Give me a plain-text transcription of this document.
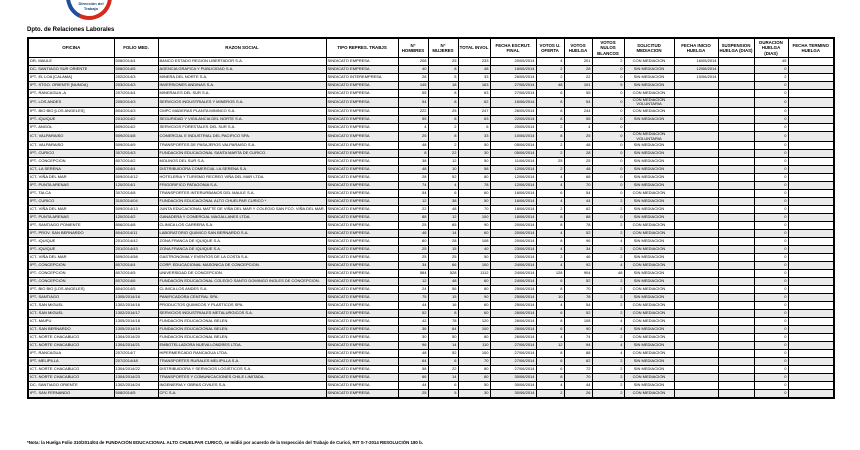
Dirección del
Trabajo
Dpto. de Relaciones Laborales
OFICINA	FOLIO MED.	RAZON SOCIAL	TIPO REPRES. TRABJS	N° HOMBRES	N° MUJERES	TOTAL INVOL	FECHA ESCRUT. FINAL	VOTOS U. OFERTA	VOTOS HUELGA	VOTOS NULOS BLANCOS	SOLICITUD MEDIACION	FECHA INICIO HUELGA	SUSPENSION HUELGA (DIAS)	DURACION HUELGA (DIAS)	FECHA TERMINO HUELGA
DR- MAULE	508/2014/4	BANCO ESTADO REGION LIBERTADOR S.A.	SINDICATO EMPRESA	208	25	233	20/05/2014	4	201	2	CON MEDIACION	16/05/2014		45	
DC- SANTIAGO SUR ORIENTE	508/2014/5	AGENCIA GRAFICA Y PUBLICIDAD S.A.	SINDICATO EMPRESA	40	8	48	18/06/2014	2	28	0	SIN MEDIACION	12/06/2014		0	
IPT- EL LOA [CALAMA]	202/2014/3	MINERA DEL NORTE S.A.	SINDICATO INTEREMPRESA	28	5	33	26/05/2014	2	22	0	SIN MEDIACION	10/06/2014		2	
IPT- STGO. ORIENTE [NUNOA]	203/2014/3	INVERSIONES ANDINAS S.A.	SINDICATO EMPRESA	145	18	163	27/06/2014	48	101	5	SIN MEDIACION			0	
IPT- RANCAGUA -A	207/2014/4	MINERALES DEL SUR S.A.	SINDICATO EMPRESA	55	8	63	27/06/2014	6	55	0	CON MEDIACION			0	
IPT- LOS ANDES	205/2014/3	SERVICIOS INDUSTRIALES Y MINEROS S.A.	SINDICATO EMPRESA	54	8	62	16/06/2014	8	54	0	CON MEDIACION VOLUNTARIA			0	
IPT- BIO BIO [LOS ANGELES]	804/2014/3	CMPC MADERAS PLANTA MININCO S.A.	SINDICATO EMPRESA	222	25	247	26/05/2014	8	244	0	CON MEDIACION			0	
IPT- IQUIQUE	201/2014/2	SEGURIDAD Y VIGILANCIA DEL NORTE S.A.	SINDICATO EMPRESA	55	8	63	22/05/2014	8	55	0	SIN MEDIACION			0	
IPT- ANGOL	809/2014/2	SERVICIOS FORESTALES DEL SUR S.A.	SINDICATO EMPRESA	4	2	6	20/05/2014	2	4	0				0	
ICT- VALPARAISO	509/2014/8	COMERCIAL E INDUSTRIAL DEL PACIFICO SPA.	SINDICATO EMPRESA	25	8	33	10/06/2014	8	25	0	CON MEDIACION VOLUNTARIA			0	
ICT- VALPARAISO	509/2014/9	TRANSPORTES DE PASAJEROS VALPARAISO S.A.	SINDICATO EMPRESA	48	2	50	05/06/2014	2	48	0	SIN MEDIACION			0	
IPT- CURICO	307/2014/3	FUNDACION EDUCACIONAL SANTA MARTA DE CURICO.	SINDICATO EMPRESA	8	22	30	05/06/2014	2	28	0	SIN MEDIACION			0	
IPT- CONCEPCION	807/2014/2	MOLINOS DEL SUR S.A.	SINDICATO EMPRESA	38	12	50	11/06/2014	25	25	0	SIN MEDIACION			0	
ICT- LA SERENA	406/2014/4	DISTRIBUIDORA COMERCIAL LA SERENA S.A.	SINDICATO EMPRESA	48	10	58	12/06/2014	2	48	0	SIN MEDIACION			0	
ICT- VIÑA DEL MAR	509/2014/12	HOTELERIA Y TURISMO RECREO VIÑA DEL MAR LTDA.	SINDICATO EMPRESA	28	52	80	12/06/2014	4	68	0	SIN MEDIACION			0	
IPT- PUNTA ARENAS	120/2014/1	FRIGORIFICO PATAGONIA S.A.	SINDICATO EMPRESA	74	4	78	12/06/2014	4	70	0	SIN MEDIACION			0	
IPT- TALCA	307/2014/8	TRANSPORTES INTERURBANOS DEL MAULE S.A.	SINDICATO EMPRESA	54	6	60	16/06/2014	6	54	0	CON MEDIACION			0	
IPT- CURICO	310/2014/04	FUNDACION EDUCACIONAL ALTO CHUELPAR CURICO *	SINDICATO EMPRESA	12	38	50	16/06/2014	4	44	2	SIN MEDIACION			0	
ICT- VIÑA DEL MAR	509/2014/13	JUNTA EDUCACIONAL MATTE DE VIÑA DEL MAR Y COLEGIO SAN FCO. VIÑA DEL MAR.	SINDICATO EMPRESA	22	48	70	18/06/2014	2	62	2	SIN MEDIACION			0	
IPT- PUNTA ARENAS	120/2014/2	GANADERA Y COMERCIAL MAGALLANES LTDA.	SINDICATO EMPRESA	88	12	100	18/06/2014	8	88	0	SIN MEDIACION			0	
IPT- SANTIAGO PONIENTE	806/2014/8	CLINICA LOS CARRERA S.A.	SINDICATO EMPRESA	25	65	90	20/06/2014	8	78	2	CON MEDIACION			0	
IPT- PROV. SAN BERNARDO	804/2014/11	LABORATORIO QUIMICO SAN BERNARDO S.A.	SINDICATO EMPRESA	46	14	60	20/06/2014	4	52	2	CON MEDIACION			0	
IPT- IQUIQUE	201/2014/42	ZONA FRANCA DE IQUIQUE S.A.	SINDICATO EMPRESA	80	28	108	20/06/2014	8	96	4	SIN MEDIACION			0	
IPT- IQUIQUE	201/2014/43	ZONA FRANCA DE IQUIQUE S.A.	SINDICATO EMPRESA	25	15	40	23/06/2014	4	34	2	CON MEDIACION			0	
ICT- VIÑA DEL MAR	509/2014/58	GASTRONOMIA Y EVENTOS DE LA COSTA S.A.	SINDICATO EMPRESA	25	25	50	23/06/2014	2	46	2	SIN MEDIACION			0	
IPT- CONCEPCION	807/2014/4	CORP. EDUCACIONAL MASONICA DE CONCEPCION.	SINDICATO EMPRESA	34	66	100	24/06/2014	4	92	4	CON MEDIACION			0	
IPT- CONCEPCION	807/2014/5	UNIVERSIDAD DE CONCEPCION.	SINDICATO EMPRESA	584	528	1112	24/06/2014	128	904	48	SIN MEDIACION			0	
IPT- CONCEPCION	807/2014/6	FUNDACION EDUCACIONAL COLEGIO SANTO DOMINGO INGLES DE CONCEPCION.	SINDICATO EMPRESA	12	48	60	24/06/2014	6	52	2	SIN MEDIACION			0	
IPT- BIO BIO [LOS ANGELES]	804/2014/5	CLINICA LOS ANDES S.A.	SINDICATO EMPRESA	24	56	80	25/06/2014	8	70	2	CON MEDIACION			0	
IPT- SANTIAGO	1305/2014/16	PANIFICADORA CENTRAL SPA.	SINDICATO EMPRESA	75	15	90	25/06/2014	10	78	2	SIN MEDIACION			0	
ICT- SAN MIGUEL	1302/2014/16	PRODUCTOS QUIMICOS Y PLASTICOS SPA.	SINDICATO EMPRESA	44	16	60	25/06/2014	4	54	2	CON MEDIACION			0	
ICT- SAN MIGUEL	1302/2014/17	SERVICIOS INDUSTRIALES METALURGICOS S.A.	SINDICATO EMPRESA	52	8	60	26/06/2014	6	52	2	CON MEDIACION			0	
ICT- MAIPU	1305/2014/18	FUNDACION EDUCACIONAL BELEN.	SINDICATO EMPRESA	42	78	120	26/06/2014	8	108	4	CON MEDIACION			0	
ICT- SAN BERNARDO	1305/2014/19	FUNDACION EDUCACIONAL BELEN.	SINDICATO EMPRESA	36	64	100	26/06/2014	6	90	4	SIN MEDIACION			0	
ICT- NORTE CHACABUCO	1304/2014/20	FUNDACION EDUCACIONAL BELEN.	SINDICATO EMPRESA	30	50	80	26/06/2014	4	74	2	CON MEDIACION			0	
ICT- NORTE CHACABUCO	1304/2014/21	EMBOTELLADORA NUEVA LONDRES LTDA.	SINDICATO EMPRESA	96	14	110	27/06/2014	12	94	4	SIN MEDIACION			0	
IPT- RANCAGUA	207/2014/7	HIPERMERCADO RANCAGUA LTDA.	SINDICATO EMPRESA	48	52	100	27/06/2014	8	88	4	CON MEDIACION			0	
IPT- MELIPILLA	207/2014/48	TRANSPORTES RURALES MELIPILLA S.A.	SINDICATO EMPRESA	64	6	70	27/06/2014	6	62	2	SIN MEDIACION			0	
ICT- NORTE CHACABUCO	1304/2014/22	DISTRIBUIDORA Y SERVICIOS LOGISTICOS S.A.	SINDICATO EMPRESA	58	22	80	27/06/2014	6	72	2	SIN MEDIACION			0	
ICT- NORTE CHACABUCO	1304/2014/23	TRANSPORTES Y COMUNICACIONES CHILE LIMITADA.	SINDICATO EMPRESA	66	14	80	30/06/2014	8	70	2	CON MEDIACION			0	
DC- SANTIAGO ORIENTE	1302/2014/24	INGENIERIA Y OBRAS CIVILES S.A.	SINDICATO EMPRESA	44	6	50	30/06/2014	4	44	2	SIN MEDIACION			0	
IPT- SAN FERNANDO	508/2014/5	CFC S.A.	SINDICATO EMPRESA	25	5	30	30/06/2014	2	26	2	CON MEDIACION			0	
*Nota: la Huelga Folio 310/2014/04 de FUNDACIÓN EDUCACIONAL ALTO CHUELPAR CURICÓ, se midió por acuerdo de la Inspección del Trabajo de Curicó, RIT S-7-2014 RESOLUCIÓN 180 b.
